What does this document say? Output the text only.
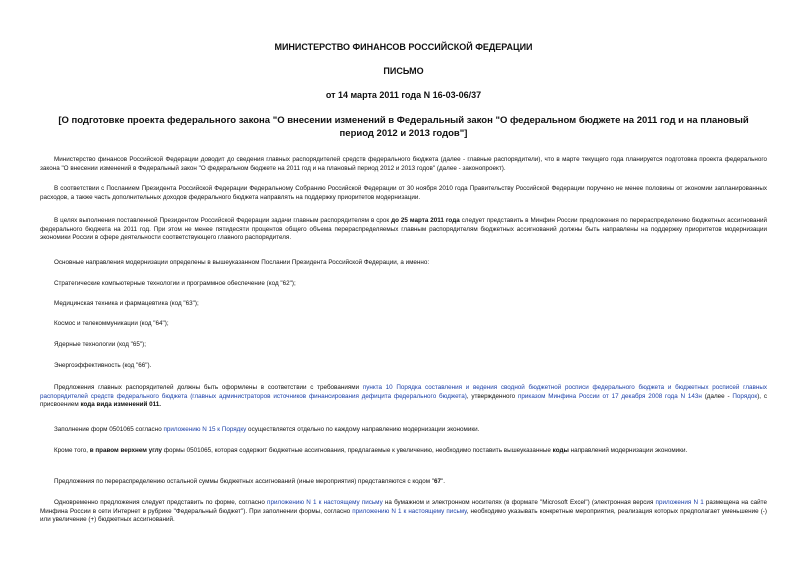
МИНИСТЕРСТВО ФИНАНСОВ РОССИЙСКОЙ ФЕДЕРАЦИИ
ПИСЬМО
от 14 марта 2011 года N 16-03-06/37
[О подготовке проекта федерального закона "О внесении изменений в Федеральный закон "О федеральном бюджете на 2011 год и на плановый период 2012 и 2013 годов"]

Министерство финансов Российской Федерации доводит до сведения главных распорядителей средств федерального бюджета (далее - главные распорядители), что в марте текущего года планируется подготовка проекта федерального закона "О внесении изменений в Федеральный закон "О федеральном бюджете на 2011 год и на плановый период 2012 и 2013 годов" (далее - законопроект).

В соответствии с Посланием Президента Российской Федерации Федеральному Собранию Российской Федерации от 30 ноября 2010 года Правительству Российской Федерации поручено не менее половины от экономии запланированных расходов, а также часть дополнительных доходов федерального бюджета направлять на поддержку приоритетов модернизации.

В целях выполнения поставленной Президентом Российской Федерации задачи главным распорядителям в срок до 25 марта 2011 года следует представить в Минфин России предложения по перераспределению бюджетных ассигнований федерального бюджета на 2011 год. При этом не менее пятидесяти процентов общего объема перераспределяемых главным распорядителям бюджетных ассигнований должны быть направлены на поддержку приоритетов модернизации экономики России в сфере деятельности соответствующего главного распорядителя.

Основные направления модернизации определены в вышеуказанном Послании Президента Российской Федерации, а именно:

Стратегические компьютерные технологии и программное обеспечение (код "62");

Медицинская техника и фармацевтика (код "63");

Космос и телекоммуникации (код "64");

Ядерные технологии (код "65");

Энергоэффективность (код "66").

Предложения главных распорядителей должны быть оформлены в соответствии с требованиями пункта 10 Порядка составления и ведения сводной бюджетной росписи федерального бюджета и бюджетных росписей главных распорядителей средств федерального бюджета (главных администраторов источников финансирования дефицита федерального бюджета), утвержденного приказом Минфина России от 17 декабря 2008 года N 143н (далее - Порядок), с присвоением кода вида изменений 011.

Заполнение форм 0501065 согласно приложению N 15 к Порядку осуществляется отдельно по каждому направлению модернизации экономики.

Кроме того, в правом верхнем углу формы 0501065, которая содержит бюджетные ассигнования, предлагаемые к увеличению, необходимо поставить вышеуказанные коды направлений модернизации экономики.

Предложения по перераспределению остальной суммы бюджетных ассигнований (иные мероприятия) представляются с кодом "67".

Одновременно предложения следует представить по форме, согласно приложению N 1 к настоящему письму на бумажном и электронном носителях (в формате "Microsoft Excel") (электронная версия приложения N 1 размещена на сайте Минфина России в сети Интернет в рубрике "Федеральный бюджет"). При заполнении формы, согласно приложению N 1 к настоящему письму, необходимо указывать конкретные мероприятия, реализация которых предполагает уменьшение (-) или увеличение (+) бюджетных ассигнований.
